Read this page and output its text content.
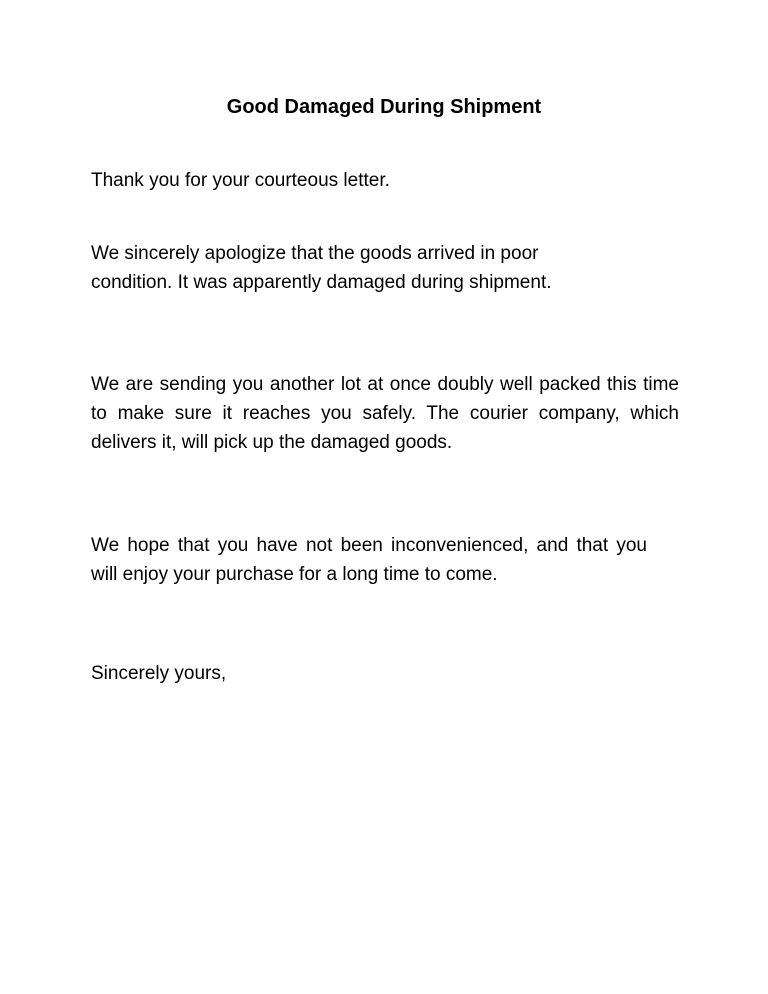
Good Damaged During Shipment

Thank you for your courteous letter.

We sincerely apologize that the goods arrived in poor condition. It was apparently damaged during shipment.

We are sending you another lot at once doubly well packed this time to make sure it reaches you safely. The courier company, which delivers it, will pick up the damaged goods.

We hope that you have not been inconvenienced, and that you will enjoy your purchase for a long time to come.

Sincerely yours,
